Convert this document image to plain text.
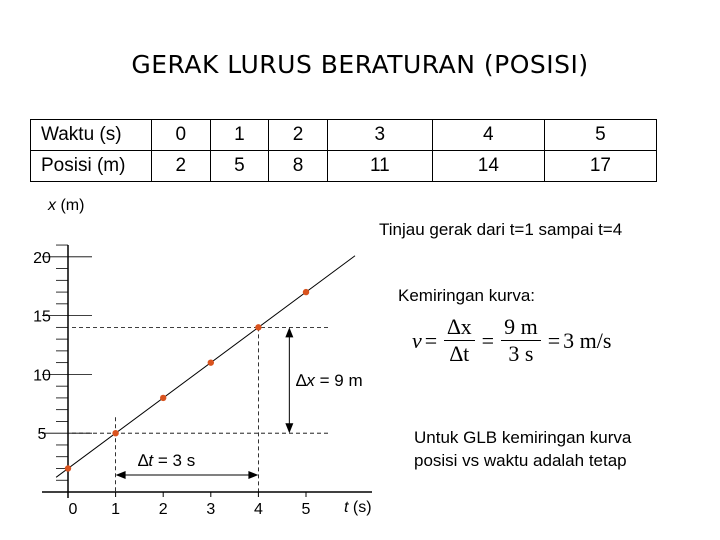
GERAK LURUS BERATURAN (POSISI)
Waktu (s)	0	1	2	3	4	5
Posisi (m)	2	5	8	11	14	17
0 1 2 3 4 5
5
10
15
20
x (m)
t (s)
Tinjau gerak dari t=1 sampai t=4
Kemiringan kurva:
∆x = 9 m
∆t = 3 s
$v = \frac{\Delta x}{\Delta t} = \frac{9 m}{3 s} = 3$ m/s
Untuk GLB kemiringan kurva
posisi vs waktu adalah tetap
